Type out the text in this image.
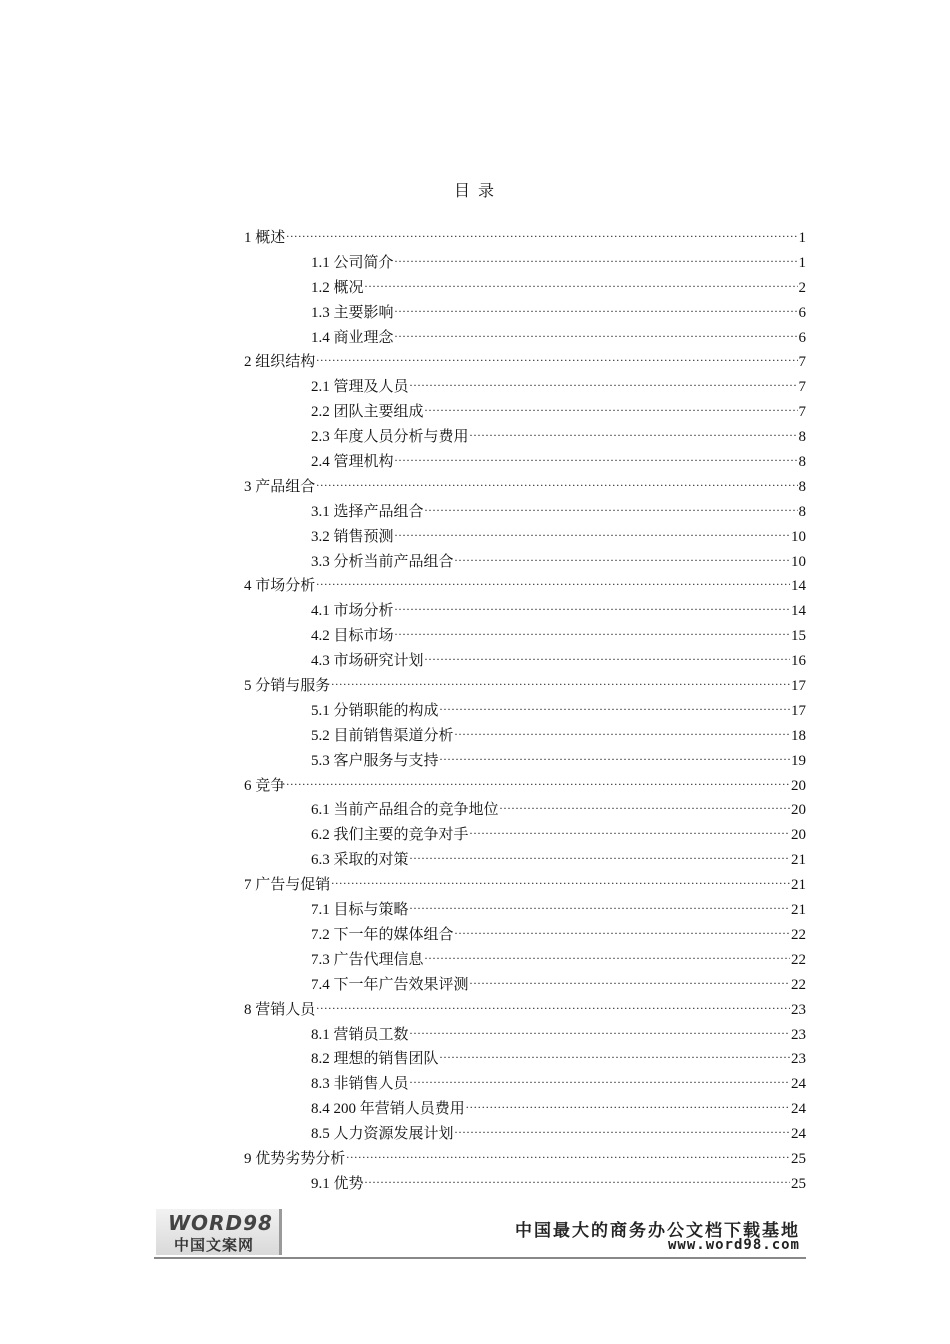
目 录
1 概述 .....	1
1.1 公司简介 .....	1
1.2 概况 .....	2
1.3 主要影响 .....	6
1.4 商业理念 .....	6
2 组织结构 .....	7
2.1 管理及人员 .....	7
2.2 团队主要组成 .....	7
2.3 年度人员分析与费用 .....	8
2.4 管理机构 .....	8
3 产品组合 .....	8
3.1 选择产品组合 .....	8
3.2 销售预测 .....	10
3.3 分析当前产品组合 .....	10
4 市场分析 .....	14
4.1 市场分析 .....	14
4.2 目标市场 .....	15
4.3 市场研究计划 .....	16
5 分销与服务 .....	17
5.1 分销职能的构成 .....	17
5.2 目前销售渠道分析 .....	18
5.3 客户服务与支持 .....	19
6 竞争 .....	20
6.1 当前产品组合的竞争地位 .....	20
6.2 我们主要的竞争对手 .....	20
6.3 采取的对策 .....	21
7 广告与促销 .....	21
7.1 目标与策略 .....	21
7.2 下一年的媒体组合 .....	22
7.3 广告代理信息 .....	22
7.4 下一年广告效果评测 .....	22
8 营销人员 .....	23
8.1 营销员工数 .....	23
8.2 理想的销售团队 .....	23
8.3 非销售人员 .....	24
8.4 200 年营销人员费用 .....	24
8.5 人力资源发展计划 .....	24
9 优势劣势分析 .....	25
9.1 优势 .....	25
WORD98
中国文案网
中国最大的商务办公文档下载基地
www.word98.com
